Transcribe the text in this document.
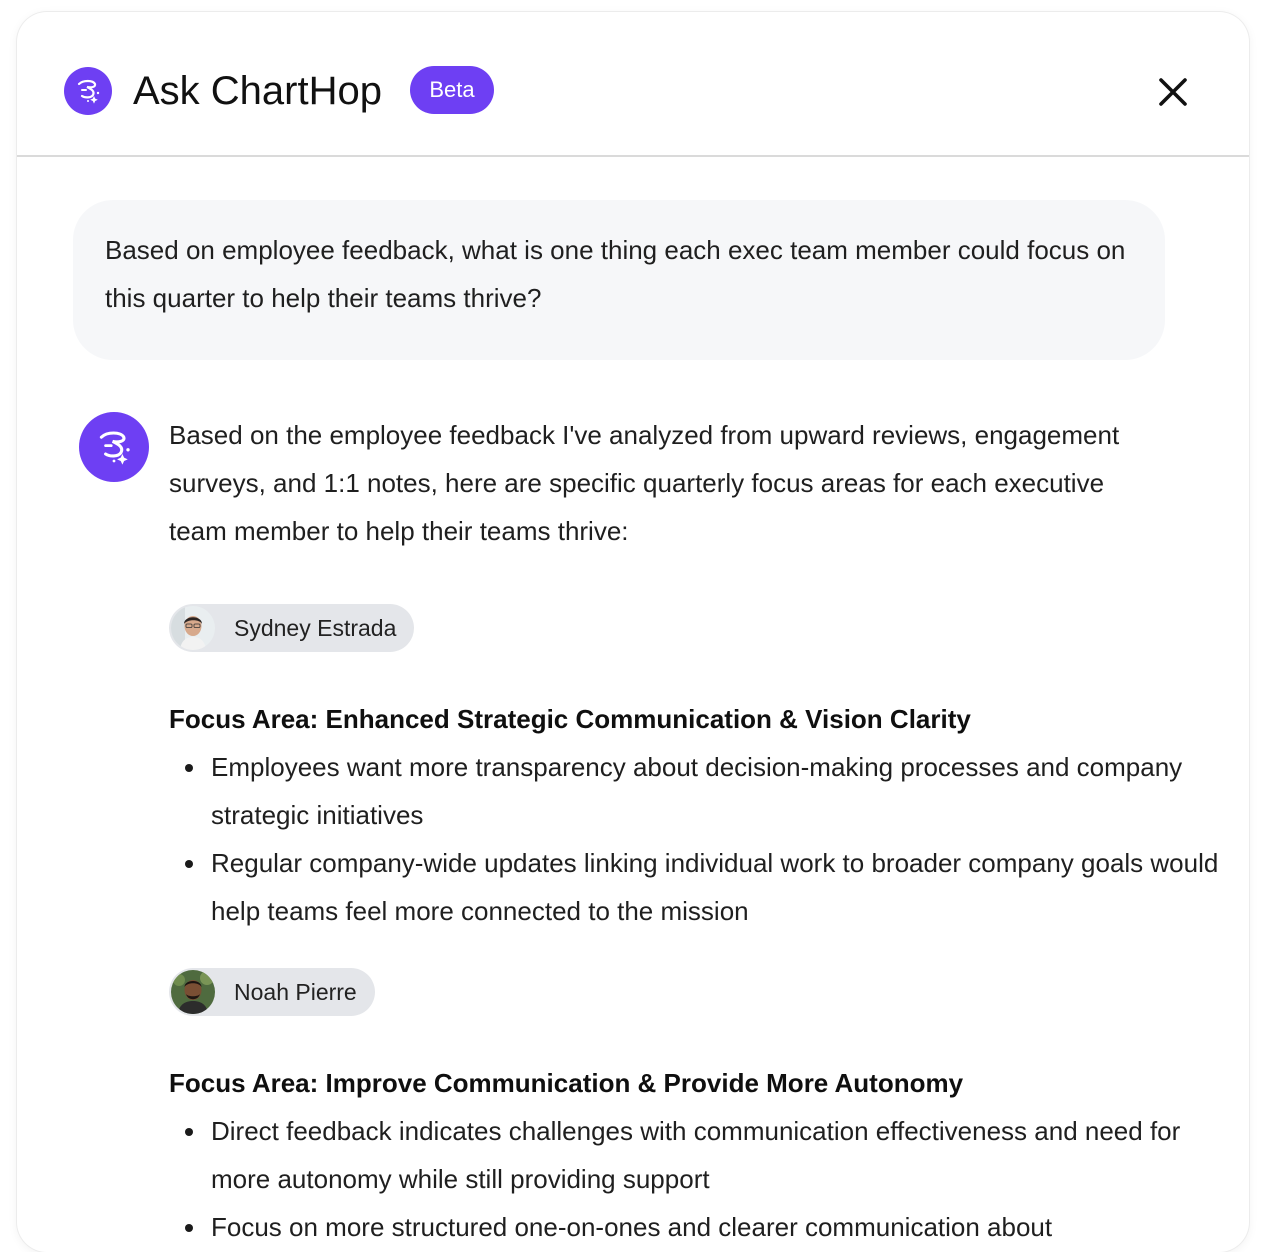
Ask ChartHop	Beta
Based on employee feedback, what is one thing each exec team member could focus on this quarter to help their teams thrive?

Based on the employee feedback I've analyzed from upward reviews, engagement surveys, and 1:1 notes, here are specific quarterly focus areas for each executive team member to help their teams thrive:

Sydney Estrada
Focus Area: Enhanced Strategic Communication & Vision Clarity
Employees want more transparency about decision-making processes and company strategic initiatives
Regular company-wide updates linking individual work to broader company goals would help teams feel more connected to the mission
Noah Pierre
Focus Area: Improve Communication & Provide More Autonomy
Direct feedback indicates challenges with communication effectiveness and need for more autonomy while still providing support
Focus on more structured one-on-ones and clearer communication about
